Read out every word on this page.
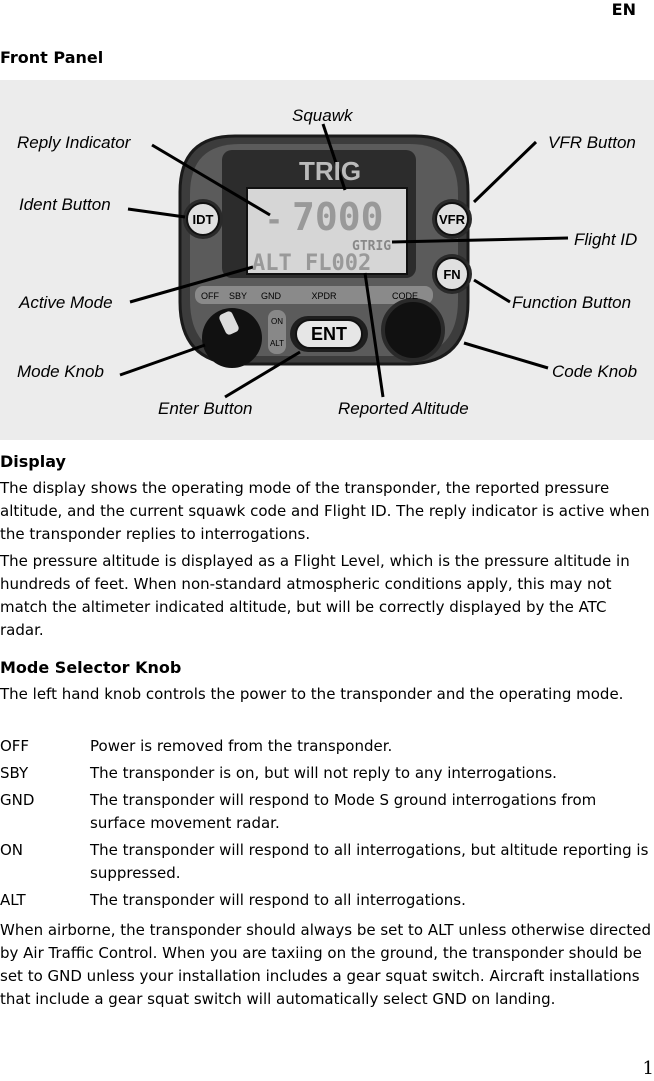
EN
Front Panel
TRIG
- 7000
GTRIG
ALT FL002
IDT	VFR
FN
ENT
OFF SBY GND	XPDR	CODE
ON
ALT
Squawk
Reply Indicator	VFR Button
Ident Button
Flight ID
Active Mode	Function Button
Mode Knob	Code Knob
Enter Button	Reported Altitude
Display

The display shows the operating mode of the transponder, the reported pressure altitude, and the current squawk code and Flight ID. The reply indicator is active when the transponder replies to interrogations.

The pressure altitude is displayed as a Flight Level, which is the pressure altitude in hundreds of feet. When non-standard atmospheric conditions apply, this may not match the altimeter indicated altitude, but will be correctly displayed by the ATC radar.

Mode Selector Knob

The left hand knob controls the power to the transponder and the operating mode.

OFF	Power is removed from the transponder.
SBY	The transponder is on, but will not reply to any interrogations.
GND	The transponder will respond to Mode S ground interrogations from surface movement radar.
ON	The transponder will respond to all interrogations, but altitude reporting is suppressed.
ALT	The transponder will respond to all interrogations.

When airborne, the transponder should always be set to ALT unless otherwise directed by Air Traffic Control. When you are taxiing on the ground, the transponder should be set to GND unless your installation includes a gear squat switch. Aircraft installations that include a gear squat switch will automatically select GND on landing.

1
